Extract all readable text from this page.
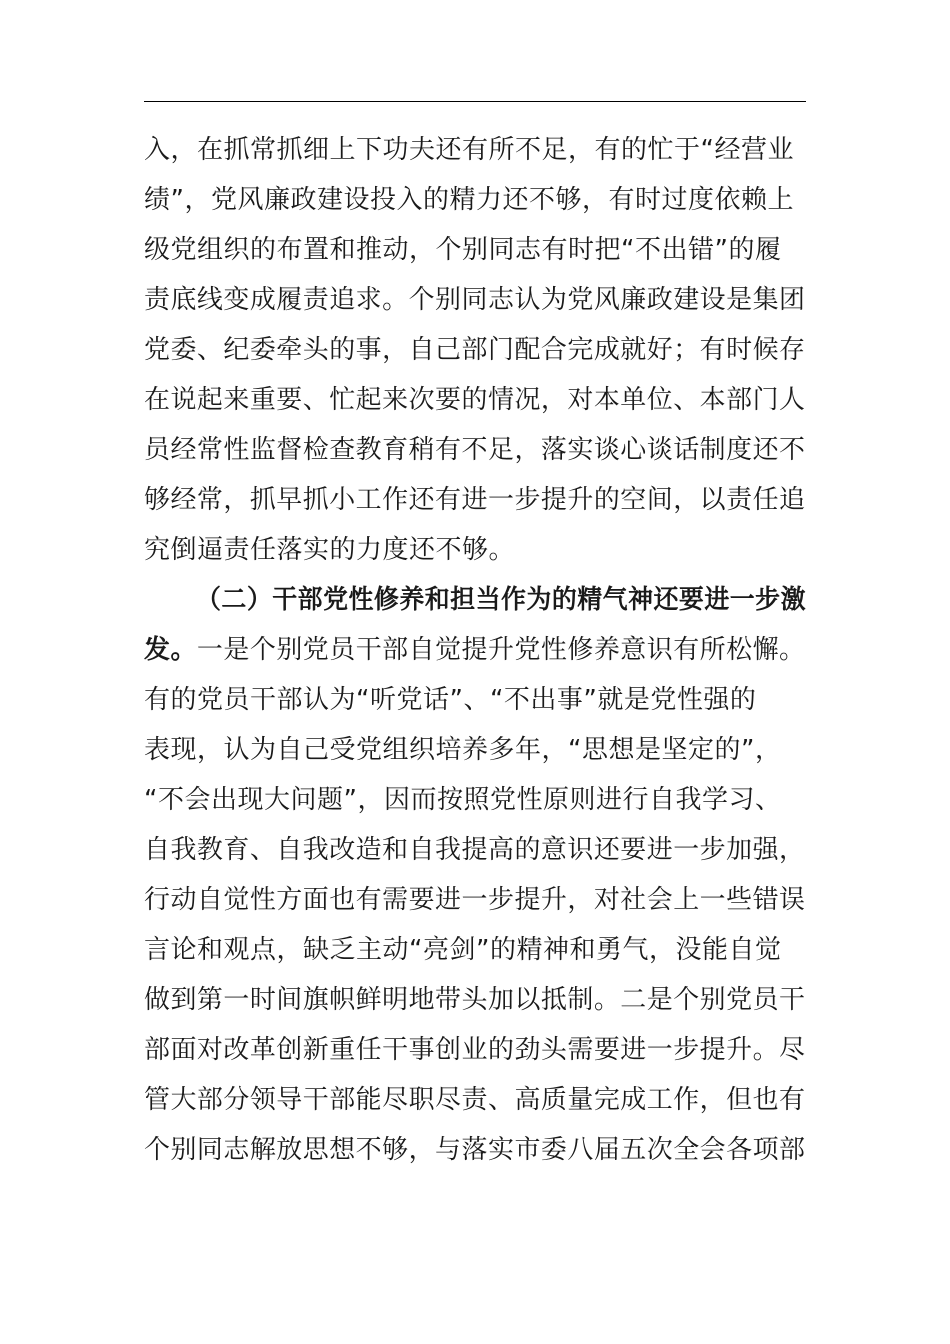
入，在抓常抓细上下功夫还有所不足，有的忙于“经营业
绩”，党风廉政建设投入的精力还不够，有时过度依赖上
级党组织的布置和推动，个别同志有时把“不出错”的履
责底线变成履责追求。个别同志认为党风廉政建设是集团
党委、纪委牵头的事，自己部门配合完成就好；有时候存
在说起来重要、忙起来次要的情况，对本单位、本部门人
员经常性监督检查教育稍有不足，落实谈心谈话制度还不
够经常，抓早抓小工作还有进一步提升的空间，以责任追
究倒逼责任落实的力度还不够。
（二）干部党性修养和担当作为的精气神还要进一步激
发。一是个别党员干部自觉提升党性修养意识有所松懈。
有的党员干部认为“听党话”、“不出事”就是党性强的
表现，认为自己受党组织培养多年，“思想是坚定的”，
“不会出现大问题”，因而按照党性原则进行自我学习、
自我教育、自我改造和自我提高的意识还要进一步加强，
行动自觉性方面也有需要进一步提升，对社会上一些错误
言论和观点，缺乏主动“亮剑”的精神和勇气，没能自觉
做到第一时间旗帜鲜明地带头加以抵制。二是个别党员干
部面对改革创新重任干事创业的劲头需要进一步提升。尽
管大部分领导干部能尽职尽责、高质量完成工作，但也有
个别同志解放思想不够，与落实市委八届五次全会各项部
